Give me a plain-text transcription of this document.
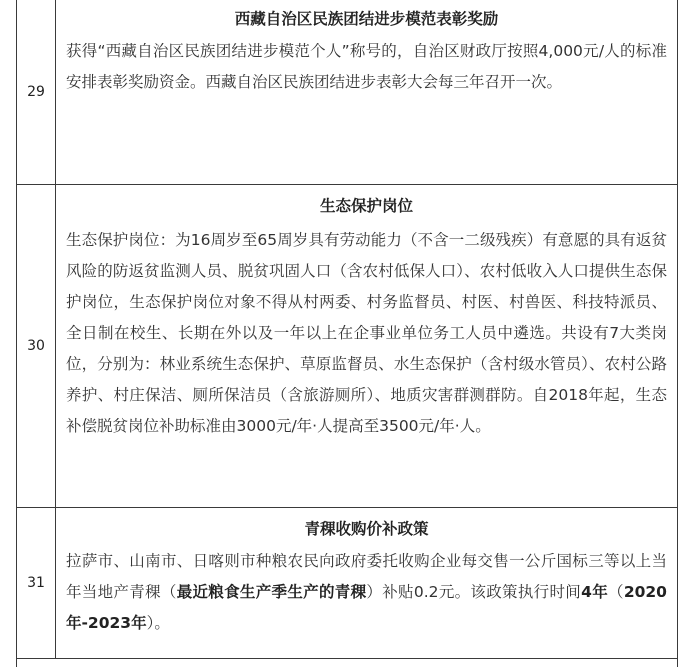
29
西藏自治区民族团结进步模范表彰奖励
获得“西藏自治区民族团结进步模范个人”称号的，自治区财政厅按照4,000元/人的标准安排表彰奖励资金。西藏自治区民族团结进步表彰大会每三年召开一次。
30
生态保护岗位
生态保护岗位：为16周岁至65周岁具有劳动能力（不含一二级残疾）有意愿的具有返贫风险的防返贫监测人员、脱贫巩固人口（含农村低保人口）、农村低收入人口提供生态保护岗位，生态保护岗位对象不得从村两委、村务监督员、村医、村兽医、科技特派员、全日制在校生、长期在外以及一年以上在企事业单位务工人员中遴选。共设有7大类岗位，分别为：林业系统生态保护、草原监督员、水生态保护（含村级水管员）、农村公路养护、村庄保洁、厕所保洁员（含旅游厕所）、地质灾害群测群防。自2018年起，生态补偿脱贫岗位补助标准由3000元/年·人提高至3500元/年·人。
31
青稞收购价补政策
拉萨市、山南市、日喀则市种粮农民向政府委托收购企业每交售一公斤国标三等以上当年当地产青稞（最近粮食生产季生产的青稞）补贴0.2元。该政策执行时间4年（2020年-2023年）。
